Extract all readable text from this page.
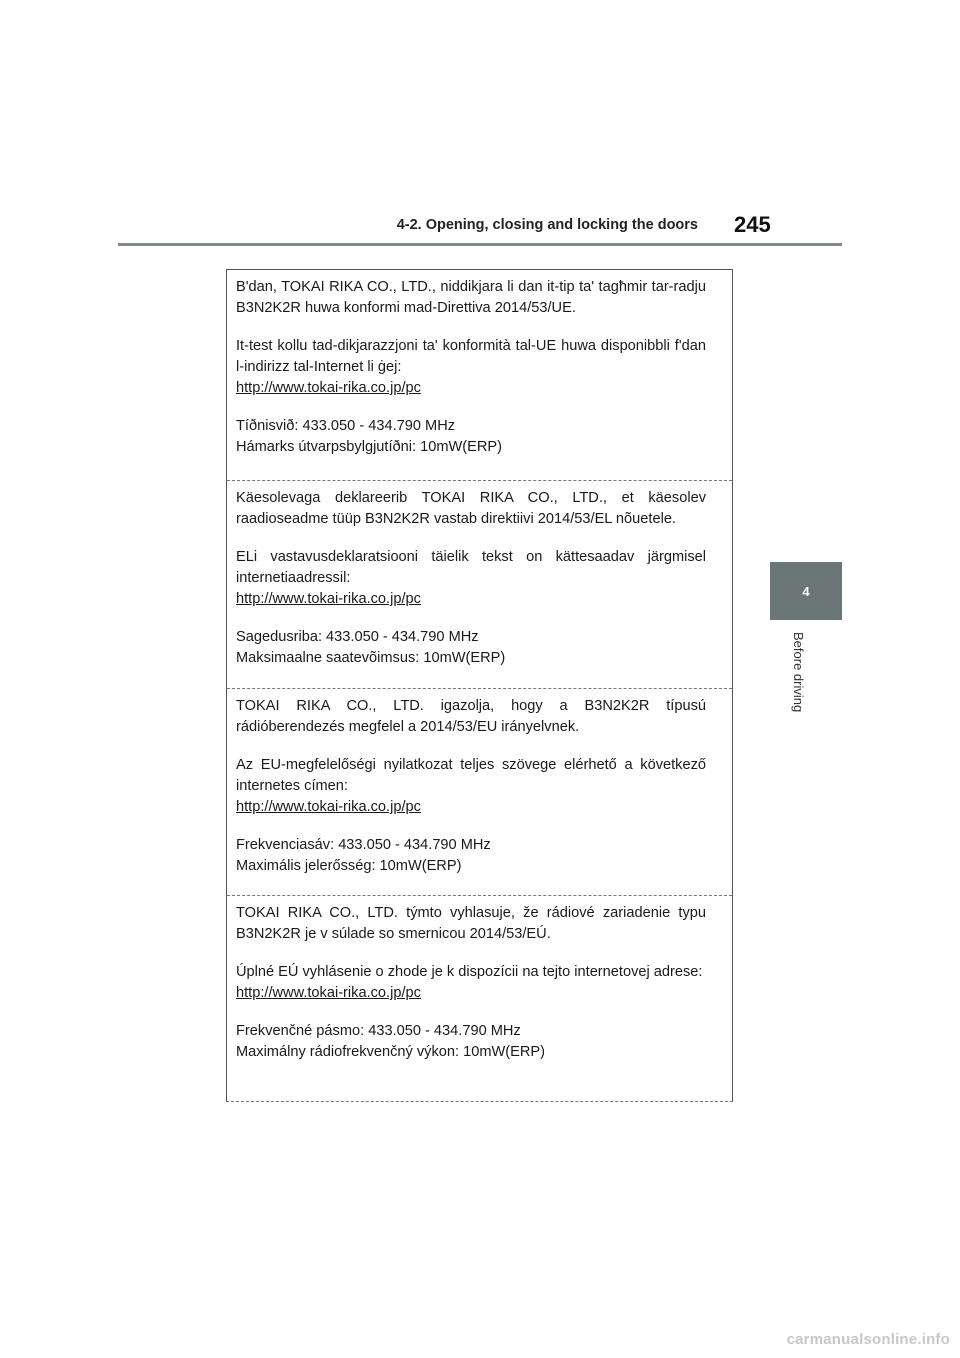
4-2. Opening, closing and locking the doors 245
4
Before driving

B'dan, TOKAI RIKA CO., LTD., niddikjara li dan it-tip ta' tagħmir tar-radju B3N2K2R huwa konformi mad-Direttiva 2014/53/UE.

It-test kollu tad-dikjarazzjoni ta' konformità tal-UE huwa disponibbli f'dan l-indirizz tal-Internet li ġej:

http://www.tokai-rika.co.jp/pc

Tíðnisvið: 433.050 - 434.790 MHz

Hámarks útvarpsbylgjutíðni: 10mW(ERP)

Käesolevaga deklareerib TOKAI RIKA CO., LTD., et käesolev raadioseadme tüüp B3N2K2R vastab direktiivi 2014/53/EL nõuetele.

ELi vastavusdeklaratsiooni täielik tekst on kättesaadav järgmisel internetiaadressil:

http://www.tokai-rika.co.jp/pc

Sagedusriba: 433.050 - 434.790 MHz

Maksimaalne saatevõimsus: 10mW(ERP)

TOKAI RIKA CO., LTD. igazolja, hogy a B3N2K2R típusú rádióberendezés megfelel a 2014/53/EU irányelvnek.

Az EU-megfelelőségi nyilatkozat teljes szövege elérhető a következő internetes címen:

http://www.tokai-rika.co.jp/pc

Frekvenciasáv: 433.050 - 434.790 MHz

Maximális jelerősség: 10mW(ERP)

TOKAI RIKA CO., LTD. týmto vyhlasuje, že rádiové zariadenie typu B3N2K2R je v súlade so smernicou 2014/53/EÚ.

Úplné EÚ vyhlásenie o zhode je k dispozícii na tejto internetovej adrese:

http://www.tokai-rika.co.jp/pc

Frekvenčné pásmo: 433.050 - 434.790 MHz

Maximálny rádiofrekvenčný výkon: 10mW(ERP)

carmanualsonline.info
